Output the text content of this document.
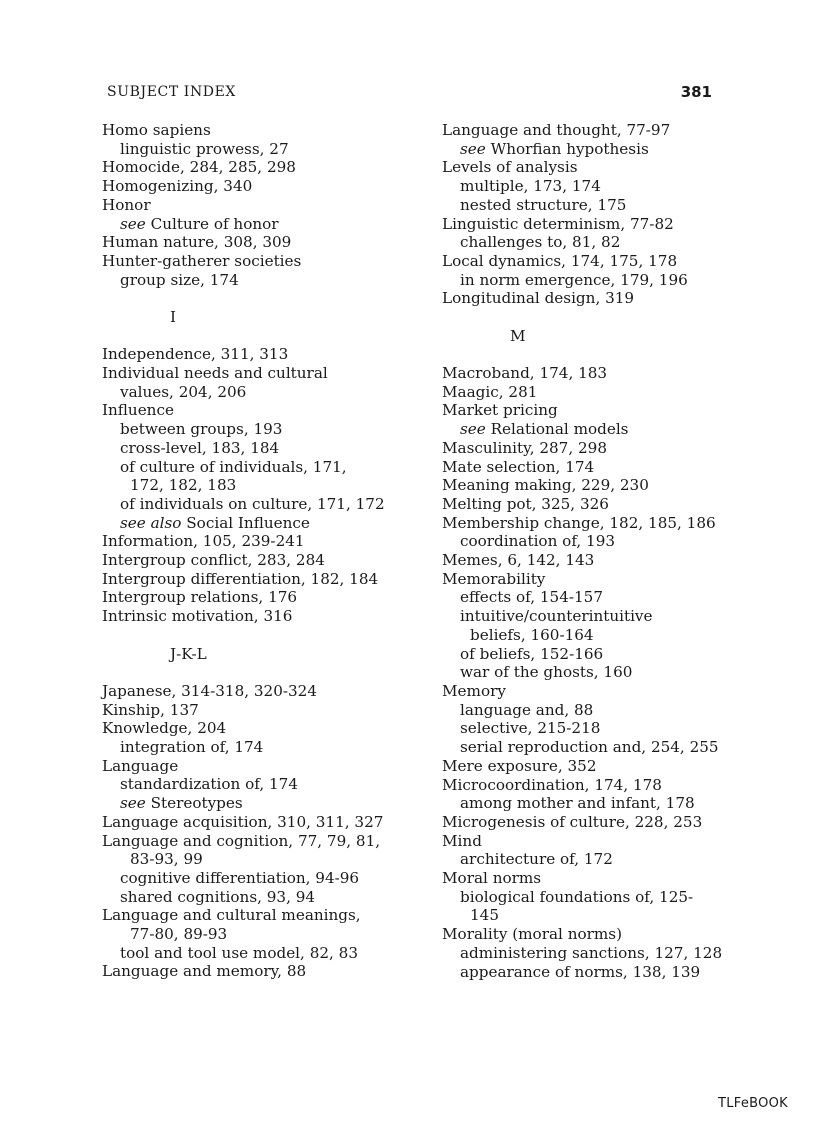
SUBJECT INDEX	381
Homo sapiens
linguistic prowess, 27
Homocide, 284, 285, 298
Homogenizing, 340
Honor
see Culture of honor
Human nature, 308, 309
Hunter-gatherer societies
group size, 174
I
Independence, 311, 313
Individual needs and cultural
values, 204, 206
Influence
between groups, 193
cross-level, 183, 184
of culture of individuals, 171,
172, 182, 183
of individuals on culture, 171, 172
see also Social Influence
Information, 105, 239-241
Intergroup conflict, 283, 284
Intergroup differentiation, 182, 184
Intergroup relations, 176
Intrinsic motivation, 316
J-K-L
Japanese, 314-318, 320-324
Kinship, 137
Knowledge, 204
integration of, 174
Language
standardization of, 174
see Stereotypes
Language acquisition, 310, 311, 327
Language and cognition, 77, 79, 81,
83-93, 99
cognitive differentiation, 94-96
shared cognitions, 93, 94
Language and cultural meanings,
77-80, 89-93
tool and tool use model, 82, 83
Language and memory, 88
Language and thought, 77-97
see Whorfian hypothesis
Levels of analysis
multiple, 173, 174
nested structure, 175
Linguistic determinism, 77-82
challenges to, 81, 82
Local dynamics, 174, 175, 178
in norm emergence, 179, 196
Longitudinal design, 319
M
Macroband, 174, 183
Maagic, 281
Market pricing
see Relational models
Masculinity, 287, 298
Mate selection, 174
Meaning making, 229, 230
Melting pot, 325, 326
Membership change, 182, 185, 186
coordination of, 193
Memes, 6, 142, 143
Memorability
effects of, 154-157
intuitive/counterintuitive
beliefs, 160-164
of beliefs, 152-166
war of the ghosts, 160
Memory
language and, 88
selective, 215-218
serial reproduction and, 254, 255
Mere exposure, 352
Microcoordination, 174, 178
among mother and infant, 178
Microgenesis of culture, 228, 253
Mind
architecture of, 172
Moral norms
biological foundations of, 125-
145
Morality (moral norms)
administering sanctions, 127, 128
appearance of norms, 138, 139
TLFeBOOK
